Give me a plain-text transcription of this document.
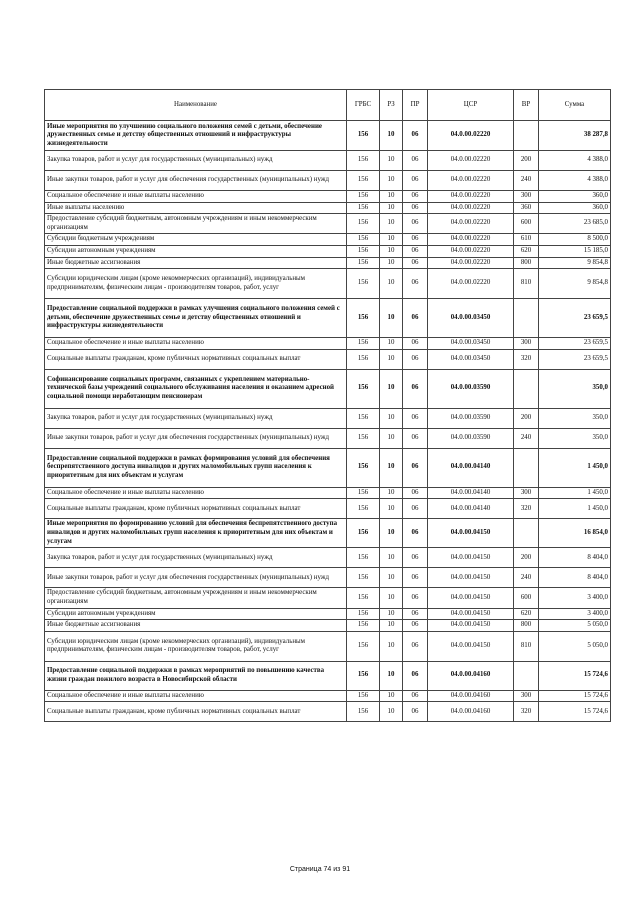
Наименование	ГРБС	РЗ	ПР	ЦСР	ВР	Сумма
Иные мероприятия по улучшению социального положения семей с детьми, обеспечение дружественных семье и детству общественных отношений и инфраструктуры жизнедеятельности	156	10	06	04.0.00.02220		38 287,8
Закупка товаров, работ и услуг для государственных (муниципальных) нужд	156	10	06	04.0.00.02220	200	4 388,0
Иные закупки товаров, работ и услуг для обеспечения государственных (муниципальных) нужд	156	10	06	04.0.00.02220	240	4 388,0
Социальное обеспечение и иные выплаты населению	156	10	06	04.0.00.02220	300	360,0
Иные выплаты населению	156	10	06	04.0.00.02220	360	360,0
Предоставление субсидий бюджетным, автономным учреждениям и иным некоммерческим организациям	156	10	06	04.0.00.02220	600	23 685,0
Субсидии бюджетным учреждениям	156	10	06	04.0.00.02220	610	8 500,0
Субсидии автономным учреждениям	156	10	06	04.0.00.02220	620	15 185,0
Иные бюджетные ассигнования	156	10	06	04.0.00.02220	800	9 854,8
Субсидии юридическим лицам (кроме некоммерческих организаций), индивидуальным предпринимателям, физическим лицам - производителям товаров, работ, услуг	156	10	06	04.0.00.02220	810	9 854,8
Предоставление социальной поддержки в рамках улучшения социального положения семей с детьми, обеспечение дружественных семье и детству общественных отношений и инфраструктуры жизнедеятельности	156	10	06	04.0.00.03450		23 659,5
Социальное обеспечение и иные выплаты населению	156	10	06	04.0.00.03450	300	23 659,5
Социальные выплаты гражданам, кроме публичных нормативных социальных выплат	156	10	06	04.0.00.03450	320	23 659,5
Софинансирование социальных программ, связанных с укреплением материально-технической базы учреждений социального обслуживания населения и оказанием адресной социальной помощи неработающим пенсионерам	156	10	06	04.0.00.03590		350,0
Закупка товаров, работ и услуг для государственных (муниципальных) нужд	156	10	06	04.0.00.03590	200	350,0
Иные закупки товаров, работ и услуг для обеспечения государственных (муниципальных) нужд	156	10	06	04.0.00.03590	240	350,0
Предоставление социальной поддержки в рамках формирования условий для обеспечения беспрепятственного доступа инвалидов и других маломобильных групп населения к приоритетным для них объектам и услугам	156	10	06	04.0.00.04140		1 450,0
Социальное обеспечение и иные выплаты населению	156	10	06	04.0.00.04140	300	1 450,0
Социальные выплаты гражданам, кроме публичных нормативных социальных выплат	156	10	06	04.0.00.04140	320	1 450,0
Иные мероприятия по формированию условий для обеспечения беспрепятственного доступа инвалидов и других маломобильных групп населения к приоритетным для них объектам и услугам	156	10	06	04.0.00.04150		16 854,0
Закупка товаров, работ и услуг для государственных (муниципальных) нужд	156	10	06	04.0.00.04150	200	8 404,0
Иные закупки товаров, работ и услуг для обеспечения государственных (муниципальных) нужд	156	10	06	04.0.00.04150	240	8 404,0
Предоставление субсидий бюджетным, автономным учреждениям и иным некоммерческим организациям	156	10	06	04.0.00.04150	600	3 400,0
Субсидии автономным учреждениям	156	10	06	04.0.00.04150	620	3 400,0
Иные бюджетные ассигнования	156	10	06	04.0.00.04150	800	5 050,0
Субсидии юридическим лицам (кроме некоммерческих организаций), индивидуальным предпринимателям, физическим лицам - производителям товаров, работ, услуг	156	10	06	04.0.00.04150	810	5 050,0
Предоставление социальной поддержки в рамках мероприятий по повышению качества жизни граждан пожилого возраста в Новосибирской области	156	10	06	04.0.00.04160		15 724,6
Социальное обеспечение и иные выплаты населению	156	10	06	04.0.00.04160	300	15 724,6
Социальные выплаты гражданам, кроме публичных нормативных социальных выплат	156	10	06	04.0.00.04160	320	15 724,6
Страница 74 из 91
